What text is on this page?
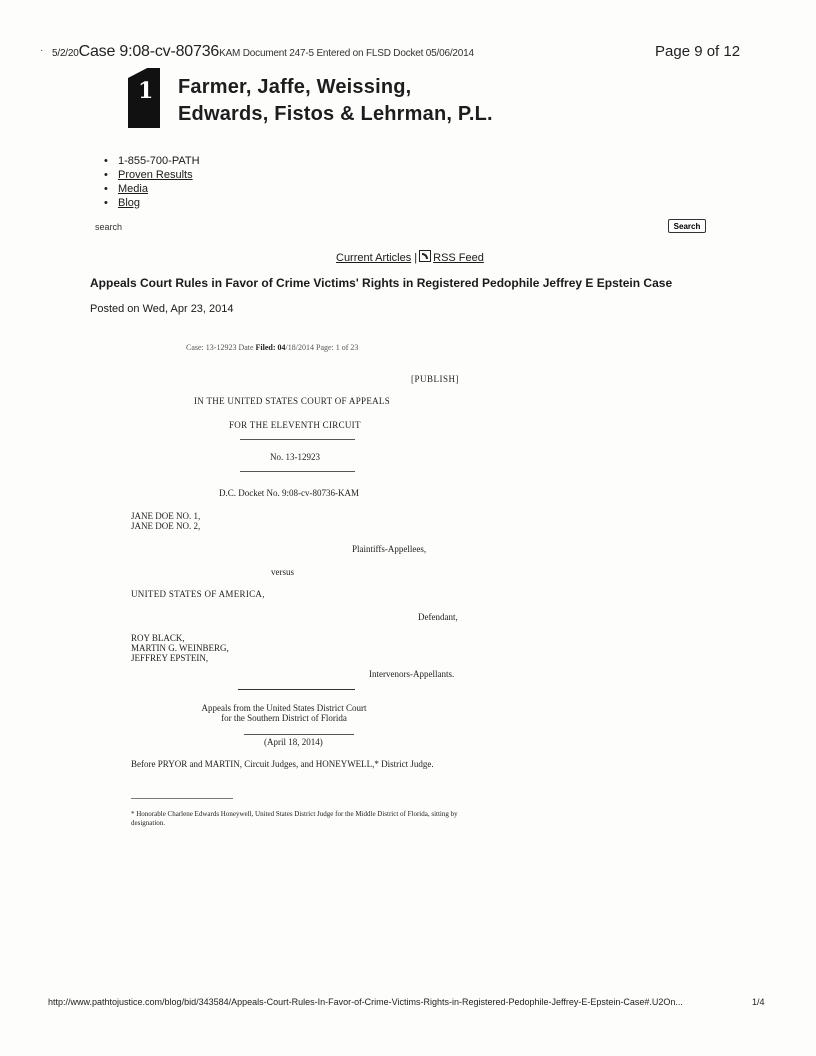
· 5/2/20Case 9:08-cv-80736KAM Document 247-5 Entered on FLSD Docket 05/06/2014	Page 9 of 12
1 Farmer, Jaffe, Weissing,
Edwards, Fistos & Lehrman, P.L.
• 1-855-700-PATH
• Proven Results
• Media
• Blog
search	Search
Current Articles | RSS Feed
Appeals Court Rules in Favor of Crime Victims' Rights in Registered Pedophile Jeffrey E Epstein Case
Posted on Wed, Apr 23, 2014
Case: 13-12923 Date Filed: 04/18/2014 Page: 1 of 23
[PUBLISH]
IN THE UNITED STATES COURT OF APPEALS
FOR THE ELEVENTH CIRCUIT
No. 13-12923
D.C. Docket No. 9:08-cv-80736-KAM
JANE DOE NO. 1,
JANE DOE NO. 2,
Plaintiffs-Appellees,
versus
UNITED STATES OF AMERICA,
Defendant,
ROY BLACK,
MARTIN G. WEINBERG,
JEFFREY EPSTEIN,
Intervenors-Appellants.
Appeals from the United States District Court
for the Southern District of Florida
(April 18, 2014)
Before PRYOR and MARTIN, Circuit Judges, and HONEYWELL,* District Judge.
* Honorable Charlene Edwards Honeywell, United States District Judge for the Middle District of Florida, sitting by designation.
http://www.pathtojustice.com/blog/bid/343584/Appeals-Court-Rules-In-Favor-of-Crime-Victims-Rights-in-Registered-Pedophile-Jeffrey-E-Epstein-Case#.U2On...	1/4
